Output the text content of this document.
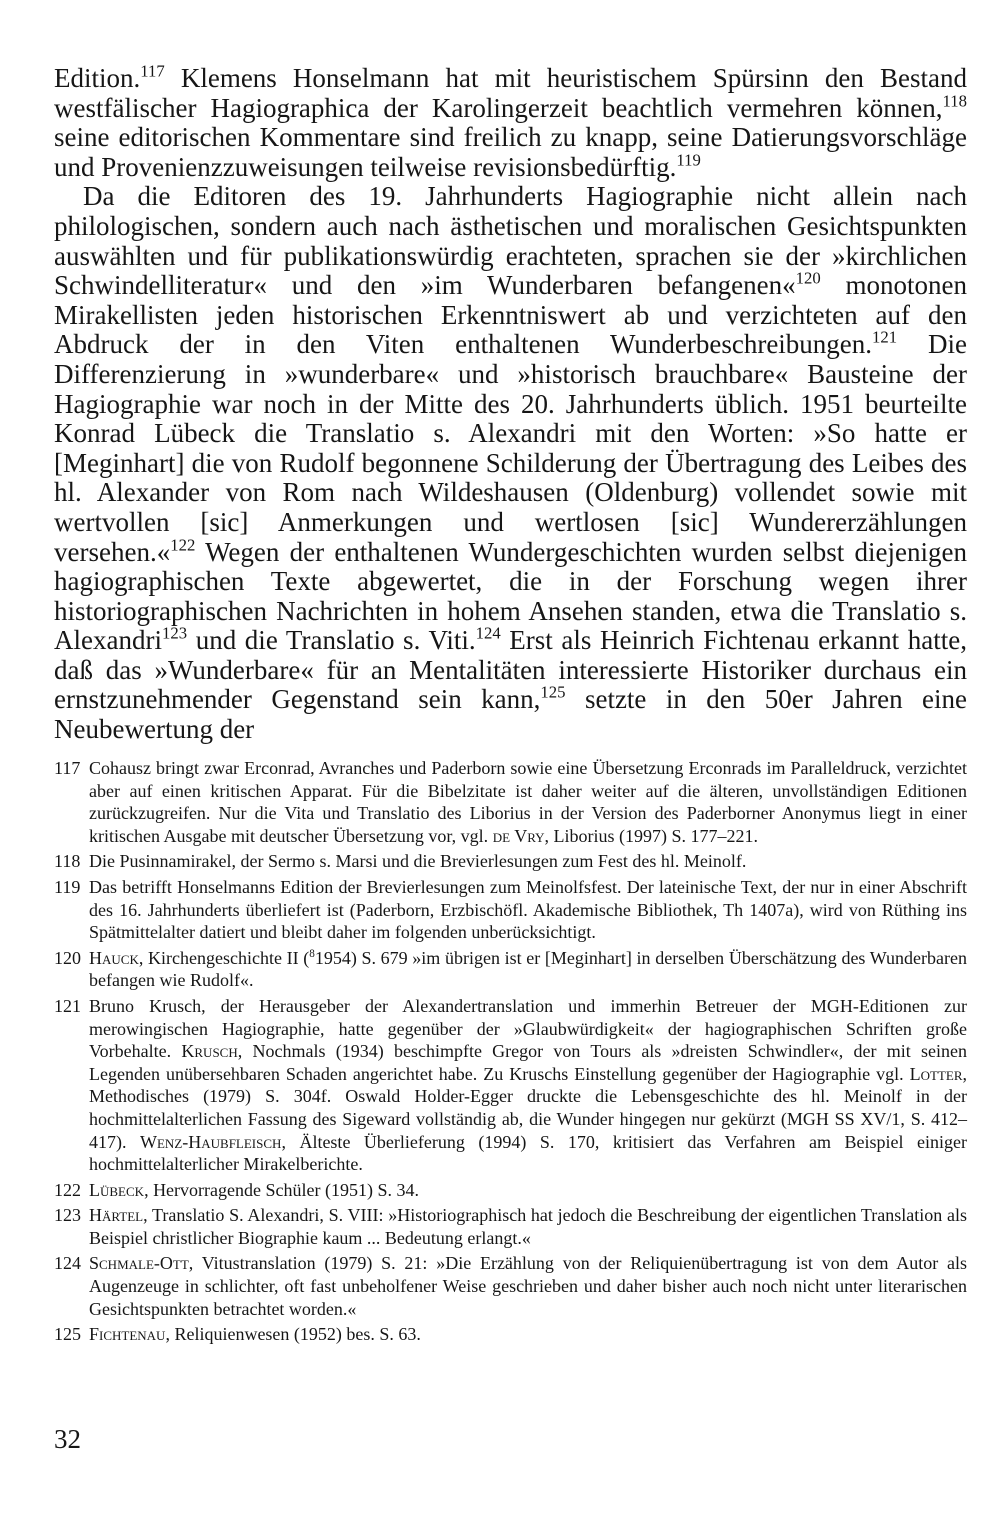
Edition.$^{117}$ Klemens Honselmann hat mit heuristischem Spürsinn den Bestand westfälischer Hagiographica der Karolingerzeit beachtlich vermehren können,$^{118}$ seine editorischen Kommentare sind freilich zu knapp, seine Datierungsvorschläge und Provenienzzuweisungen teilweise revisionsbedürftig.$^{119}$

Da die Editoren des 19. Jahrhunderts Hagiographie nicht allein nach philologischen, sondern auch nach ästhetischen und moralischen Gesichtspunkten auswählten und für publikationswürdig erachteten, sprachen sie der »kirchlichen Schwindelliteratur« und den »im Wunderbaren befangenen«$^{120}$ monotonen Mirakellisten jeden historischen Erkenntniswert ab und verzichteten auf den Abdruck der in den Viten enthaltenen Wunderbeschreibungen.$^{121}$ Die Differenzierung in »wunderbare« und »historisch brauchbare« Bausteine der Hagiographie war noch in der Mitte des 20. Jahrhunderts üblich. 1951 beurteilte Konrad Lübeck die Translatio s. Alexandri mit den Worten: »So hatte er [Meginhart] die von Rudolf begonnene Schilderung der Übertragung des Leibes des hl. Alexander von Rom nach Wildeshausen (Oldenburg) vollendet sowie mit wertvollen [sic] Anmerkungen und wertlosen [sic] Wundererzählungen versehen.«$^{122}$ Wegen der enthaltenen Wundergeschichten wurden selbst diejenigen hagiographischen Texte abgewertet, die in der Forschung wegen ihrer historiographischen Nachrichten in hohem Ansehen standen, etwa die Translatio s. Alexandri$^{123}$ und die Translatio s. Viti.$^{124}$ Erst als Heinrich Fichtenau erkannt hatte, daß das »Wunderbare« für an Mentalitäten interessierte Historiker durchaus ein ernstzunehmender Gegenstand sein kann,$^{125}$ setzte in den 50er Jahren eine Neubewertung der

117 Cohausz bringt zwar Erconrad, Avranches und Paderborn sowie eine Übersetzung Erconrads im Paralleldruck, verzichtet aber auf einen kritischen Apparat. Für die Bibelzitate ist daher weiter auf die älteren, unvollständigen Editionen zurückzugreifen. Nur die Vita und Translatio des Liborius in der Version des Paderborner Anonymus liegt in einer kritischen Ausgabe mit deutscher Übersetzung vor, vgl. de Vry, Liborius (1997) S. 177–221.
118 Die Pusinnamirakel, der Sermo s. Marsi und die Brevierlesungen zum Fest des hl. Meinolf.
119 Das betrifft Honselmanns Edition der Brevierlesungen zum Meinolfsfest. Der lateinische Text, der nur in einer Abschrift des 16. Jahrhunderts überliefert ist (Paderborn, Erzbischöfl. Akademische Bibliothek, Th 1407a), wird von Rüthing ins Spätmittelalter datiert und bleibt daher im folgenden unberücksichtigt.
120 Hauck, Kirchengeschichte II ($^8$1954) S. 679 »im übrigen ist er [Meginhart] in derselben Überschätzung des Wunderbaren befangen wie Rudolf«.
121 Bruno Krusch, der Herausgeber der Alexandertranslation und immerhin Betreuer der MGH-Editionen zur merowingischen Hagiographie, hatte gegenüber der »Glaubwürdigkeit« der hagiographischen Schriften große Vorbehalte. Krusch, Nochmals (1934) beschimpfte Gregor von Tours als »dreisten Schwindler«, der mit seinen Legenden unübersehbaren Schaden angerichtet habe. Zu Kruschs Einstellung gegenüber der Hagiographie vgl. Lotter, Methodisches (1979) S. 304f. Oswald Holder-Egger druckte die Lebensgeschichte des hl. Meinolf in der hochmittelalterlichen Fassung des Sigeward vollständig ab, die Wunder hingegen nur gekürzt (MGH SS XV/1, S. 412–417). Wenz-Haubfleisch, Älteste Überlieferung (1994) S. 170, kritisiert das Verfahren am Beispiel einiger hochmittelalterlicher Mirakelberichte.
122 Lübeck, Hervorragende Schüler (1951) S. 34.
123 Härtel, Translatio S. Alexandri, S. VIII: »Historiographisch hat jedoch die Beschreibung der eigentlichen Translation als Beispiel christlicher Biographie kaum ... Bedeutung erlangt.«
124 Schmale-Ott, Vitustranslation (1979) S. 21: »Die Erzählung von der Reliquienübertragung ist von dem Autor als Augenzeuge in schlichter, oft fast unbeholfener Weise geschrieben und daher bisher auch noch nicht unter literarischen Gesichtspunkten betrachtet worden.«
125 Fichtenau, Reliquienwesen (1952) bes. S. 63.
32
